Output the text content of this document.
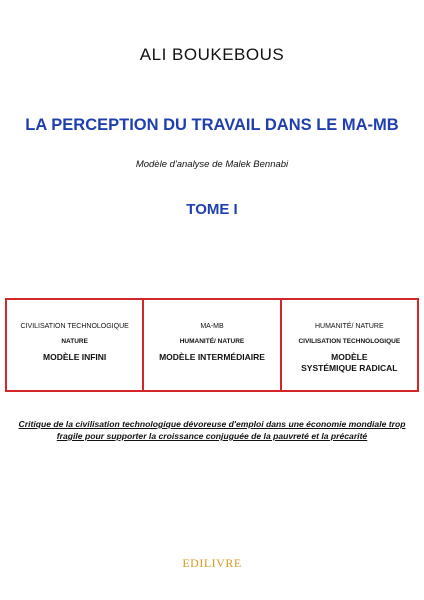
ALI BOUKEBOUS
LA PERCEPTION DU TRAVAIL DANS LE MA-MB
Modèle d'analyse de Malek Bennabi
TOME I
CIVILISATION TECHNOLOGIQUE
NATURE
MODÈLE INFINI
MA-MB
HUMANITÉ/ NATURE
MODÈLE INTERMÉDIAIRE
HUMANITÉ/ NATURE
CIVILISATION TECHNOLOGIQUE
MODÈLE
SYSTÉMIQUE RADICAL
Critique de la civilisation technologique dévoreuse d'emploi dans une économie mondiale trop fragile pour supporter la croissance conjuguée de la pauvreté et la précarité
EDILIVRE
